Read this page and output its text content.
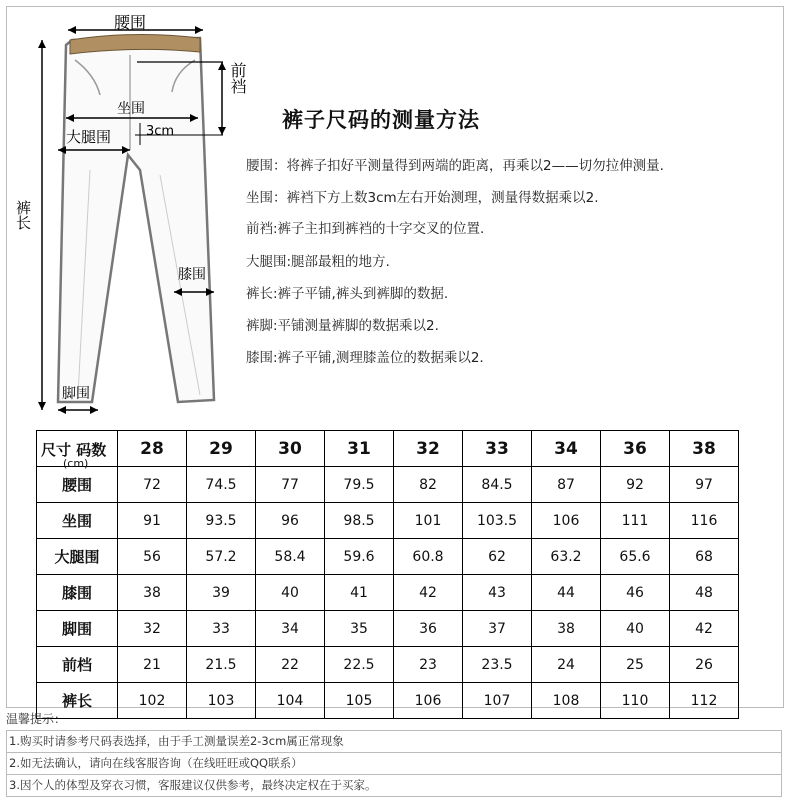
腰围
前裆
坐围
3cm
大腿围
裤长
膝围
脚围
裤子尺码的测量方法
腰围：将裤子扣好平测量得到两端的距离，再乘以2——切勿拉伸测量.
坐围：裤裆下方上数3cm左右开始测理，测量得数据乘以2.
前裆:裤子主扣到裤裆的十字交叉的位置.
大腿围:腿部最粗的地方.
裤长:裤子平铺,裤头到裤脚的数据.
裤脚:平铺测量裤脚的数据乘以2.
膝围:裤子平铺,测理膝盖位的数据乘以2.
尺寸 码数
(cm)	28	29	30	31	32	33	34	36	38
腰围	72	74.5	77	79.5	82	84.5	87	92	97
坐围	91	93.5	96	98.5	101	103.5	106	111	116
大腿围	56	57.2	58.4	59.6	60.8	62	63.2	65.6	68
膝围	38	39	40	41	42	43	44	46	48
脚围	32	33	34	35	36	37	38	40	42
前档	21	21.5	22	22.5	23	23.5	24	25	26
裤长	102	103	104	105	106	107	108	110	112
温馨提示：
1.购买时请参考尺码表选择，由于手工测量误差2-3cm属正常现象
2.如无法确认，请向在线客服咨询（在线旺旺或QQ联系）
3.因个人的体型及穿衣习惯，客服建议仅供参考，最终决定权在于买家。
